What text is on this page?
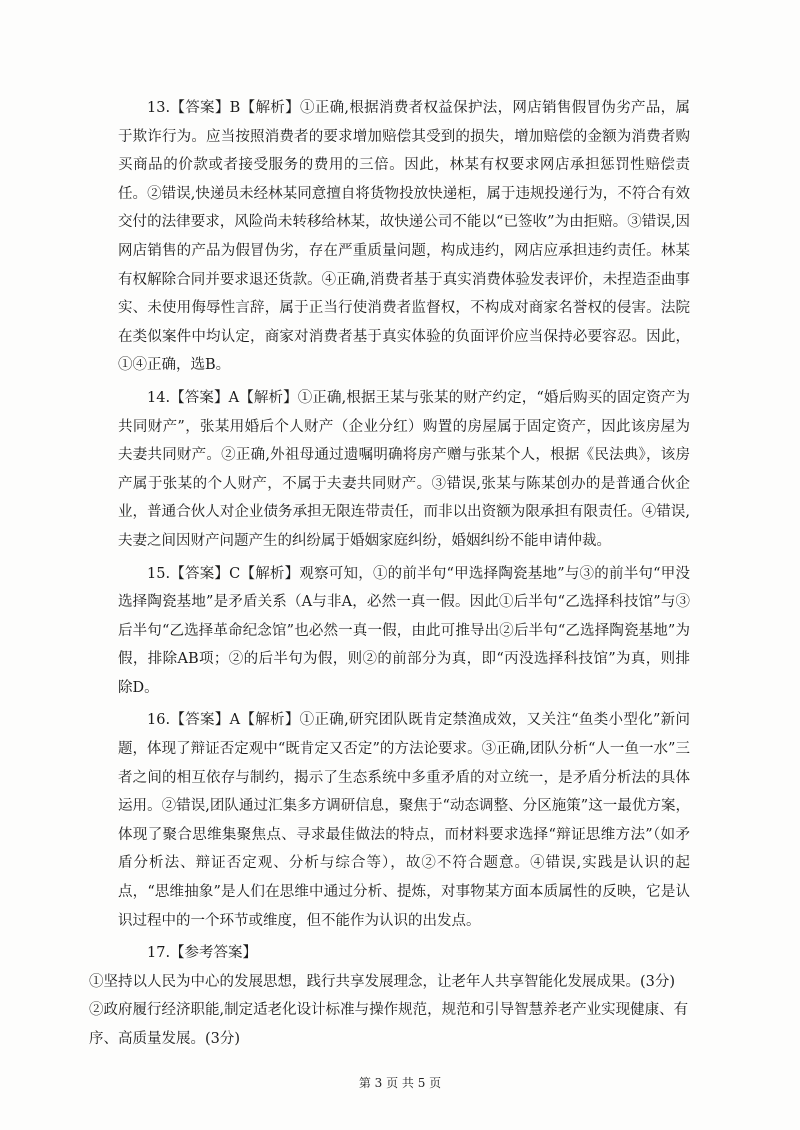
13.【答案】B【解析】①正确,根据消费者权益保护法，网店销售假冒伪劣产品，属于欺诈行为。应当按照消费者的要求增加赔偿其受到的损失，增加赔偿的金额为消费者购买商品的价款或者接受服务的费用的三倍。因此，林某有权要求网店承担惩罚性赔偿责任。②错误,快递员未经林某同意擅自将货物投放快递柜，属于违规投递行为，不符合有效交付的法律要求，风险尚未转移给林某，故快递公司不能以“已签收”为由拒赔。③错误,因网店销售的产品为假冒伪劣，存在严重质量问题，构成违约，网店应承担违约责任。林某有权解除合同并要求退还货款。④正确,消费者基于真实消费体验发表评价，未捏造歪曲事实、未使用侮辱性言辞，属于正当行使消费者监督权，不构成对商家名誉权的侵害。法院在类似案件中均认定，商家对消费者基于真实体验的负面评价应当保持必要容忍。因此，①④正确，选B。

14.【答案】A【解析】①正确,根据王某与张某的财产约定，“婚后购买的固定资产为共同财产”，张某用婚后个人财产（企业分红）购置的房屋属于固定资产，因此该房屋为夫妻共同财产。②正确,外祖母通过遗嘱明确将房产赠与张某个人，根据《民法典》，该房产属于张某的个人财产，不属于夫妻共同财产。③错误,张某与陈某创办的是普通合伙企业，普通合伙人对企业债务承担无限连带责任，而非以出资额为限承担有限责任。④错误,夫妻之间因财产问题产生的纠纷属于婚姻家庭纠纷，婚姻纠纷不能申请仲裁。

15.【答案】C【解析】观察可知，①的前半句“甲选择陶瓷基地”与③的前半句“甲没选择陶瓷基地”是矛盾关系（A与非A，必然一真一假。因此①后半句“乙选择科技馆”与③后半句“乙选择革命纪念馆”也必然一真一假，由此可推导出②后半句“乙选择陶瓷基地”为假，排除AB项；②的后半句为假，则②的前部分为真，即“丙没选择科技馆”为真，则排除D。

16.【答案】A【解析】①正确,研究团队既肯定禁渔成效，又关注“鱼类小型化”新问题，体现了辩证否定观中“既肯定又否定”的方法论要求。③正确,团队分析“人一鱼一水”三者之间的相互依存与制约，揭示了生态系统中多重矛盾的对立统一，是矛盾分析法的具体运用。②错误,团队通过汇集多方调研信息，聚焦于“动态调整、分区施策”这一最优方案，体现了聚合思维集聚焦点、寻求最佳做法的特点，而材料要求选择“辩证思维方法”（如矛盾分析法、辩证否定观、分析与综合等），故②不符合题意。④错误,实践是认识的起点，“思维抽象”是人们在思维中通过分析、提炼，对事物某方面本质属性的反映，它是认识过程中的一个环节或维度，但不能作为认识的出发点。

17.【参考答案】

①坚持以人民为中心的发展思想，践行共享发展理念，让老年人共享智能化发展成果。(3分)

②政府履行经济职能,制定适老化设计标准与操作规范，规范和引导智慧养老产业实现健康、有序、高质量发展。(3分)

第 3 页 共 5 页
